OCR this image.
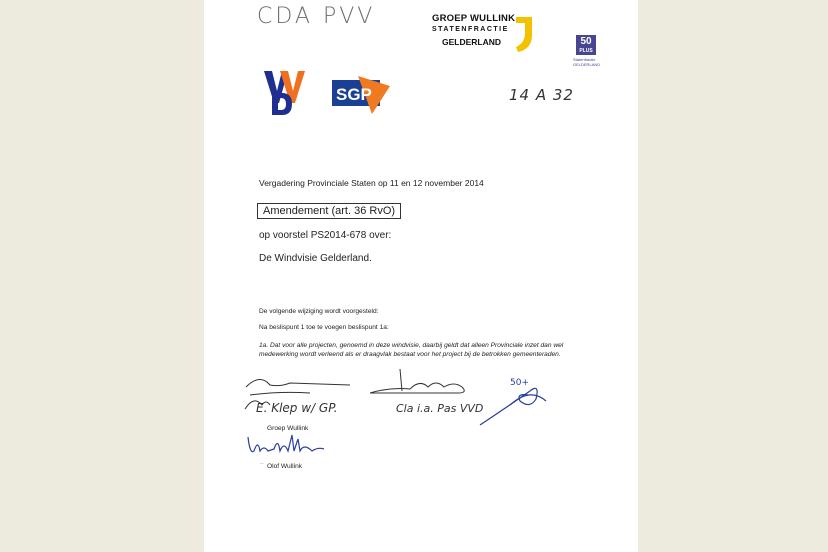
CDA PVV	GROEP WULLINK
STATENFRACTIE
GELDERLAND	50
PLUS
Statenfractie
GELDERLAND
SGP	14 A 32
Vergadering Provinciale Staten op 11 en 12 november 2014
Amendement (art. 36 RvO)
op voorstel PS2014-678 over:
De Windvisie Gelderland.
De volgende wijziging wordt voorgesteld:
Na beslispunt 1 toe te voegen beslispunt 1a:
1a. Dat voor alle projecten, genoemd in deze windvisie, daarbij geldt dat alleen Provinciale inzet dan wel medewerking wordt verleend als er draagvlak bestaat voor het project bij de betrokken gemeenteraden.
E. Klep w/ GP.	Cla i.a. Pas VVD
50+
Wullink
Groep Wullink
Olof Wullink
